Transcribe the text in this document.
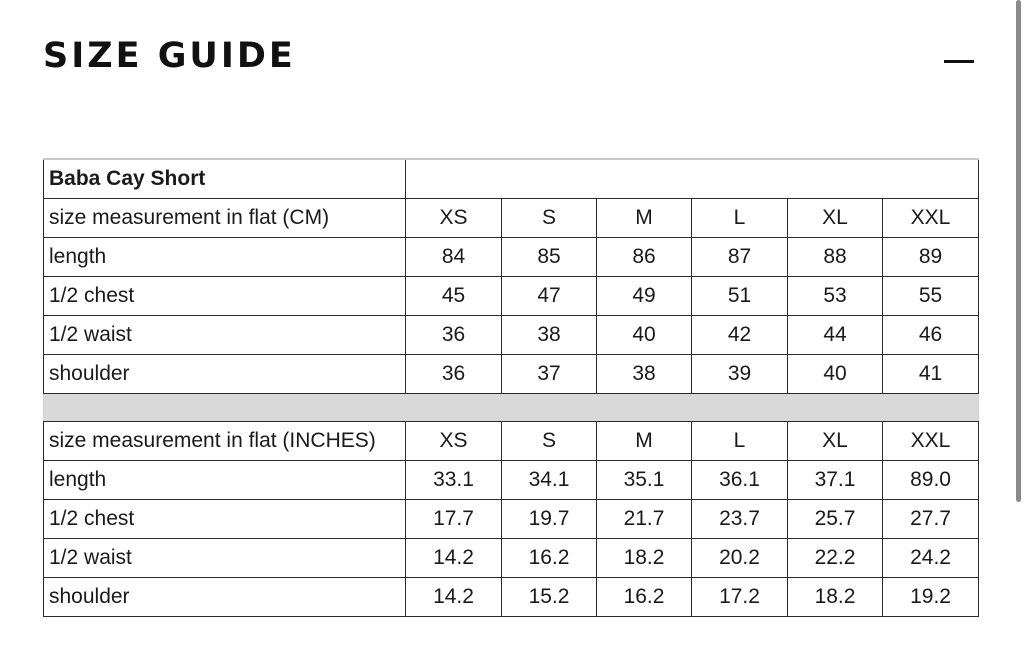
SIZE GUIDE
Baba Cay Short						
size measurement in flat (CM)	XS	S	M	L	XL	XXL
length	84	85	86	87	88	89
1/2 chest	45	47	49	51	53	55
1/2 waist	36	38	40	42	44	46
shoulder	36	37	38	39	40	41

size measurement in flat (INCHES)	XS	S	M	L	XL	XXL
length	33.1	34.1	35.1	36.1	37.1	89.0
1/2 chest	17.7	19.7	21.7	23.7	25.7	27.7
1/2 waist	14.2	16.2	18.2	20.2	22.2	24.2
shoulder	14.2	15.2	16.2	17.2	18.2	19.2
